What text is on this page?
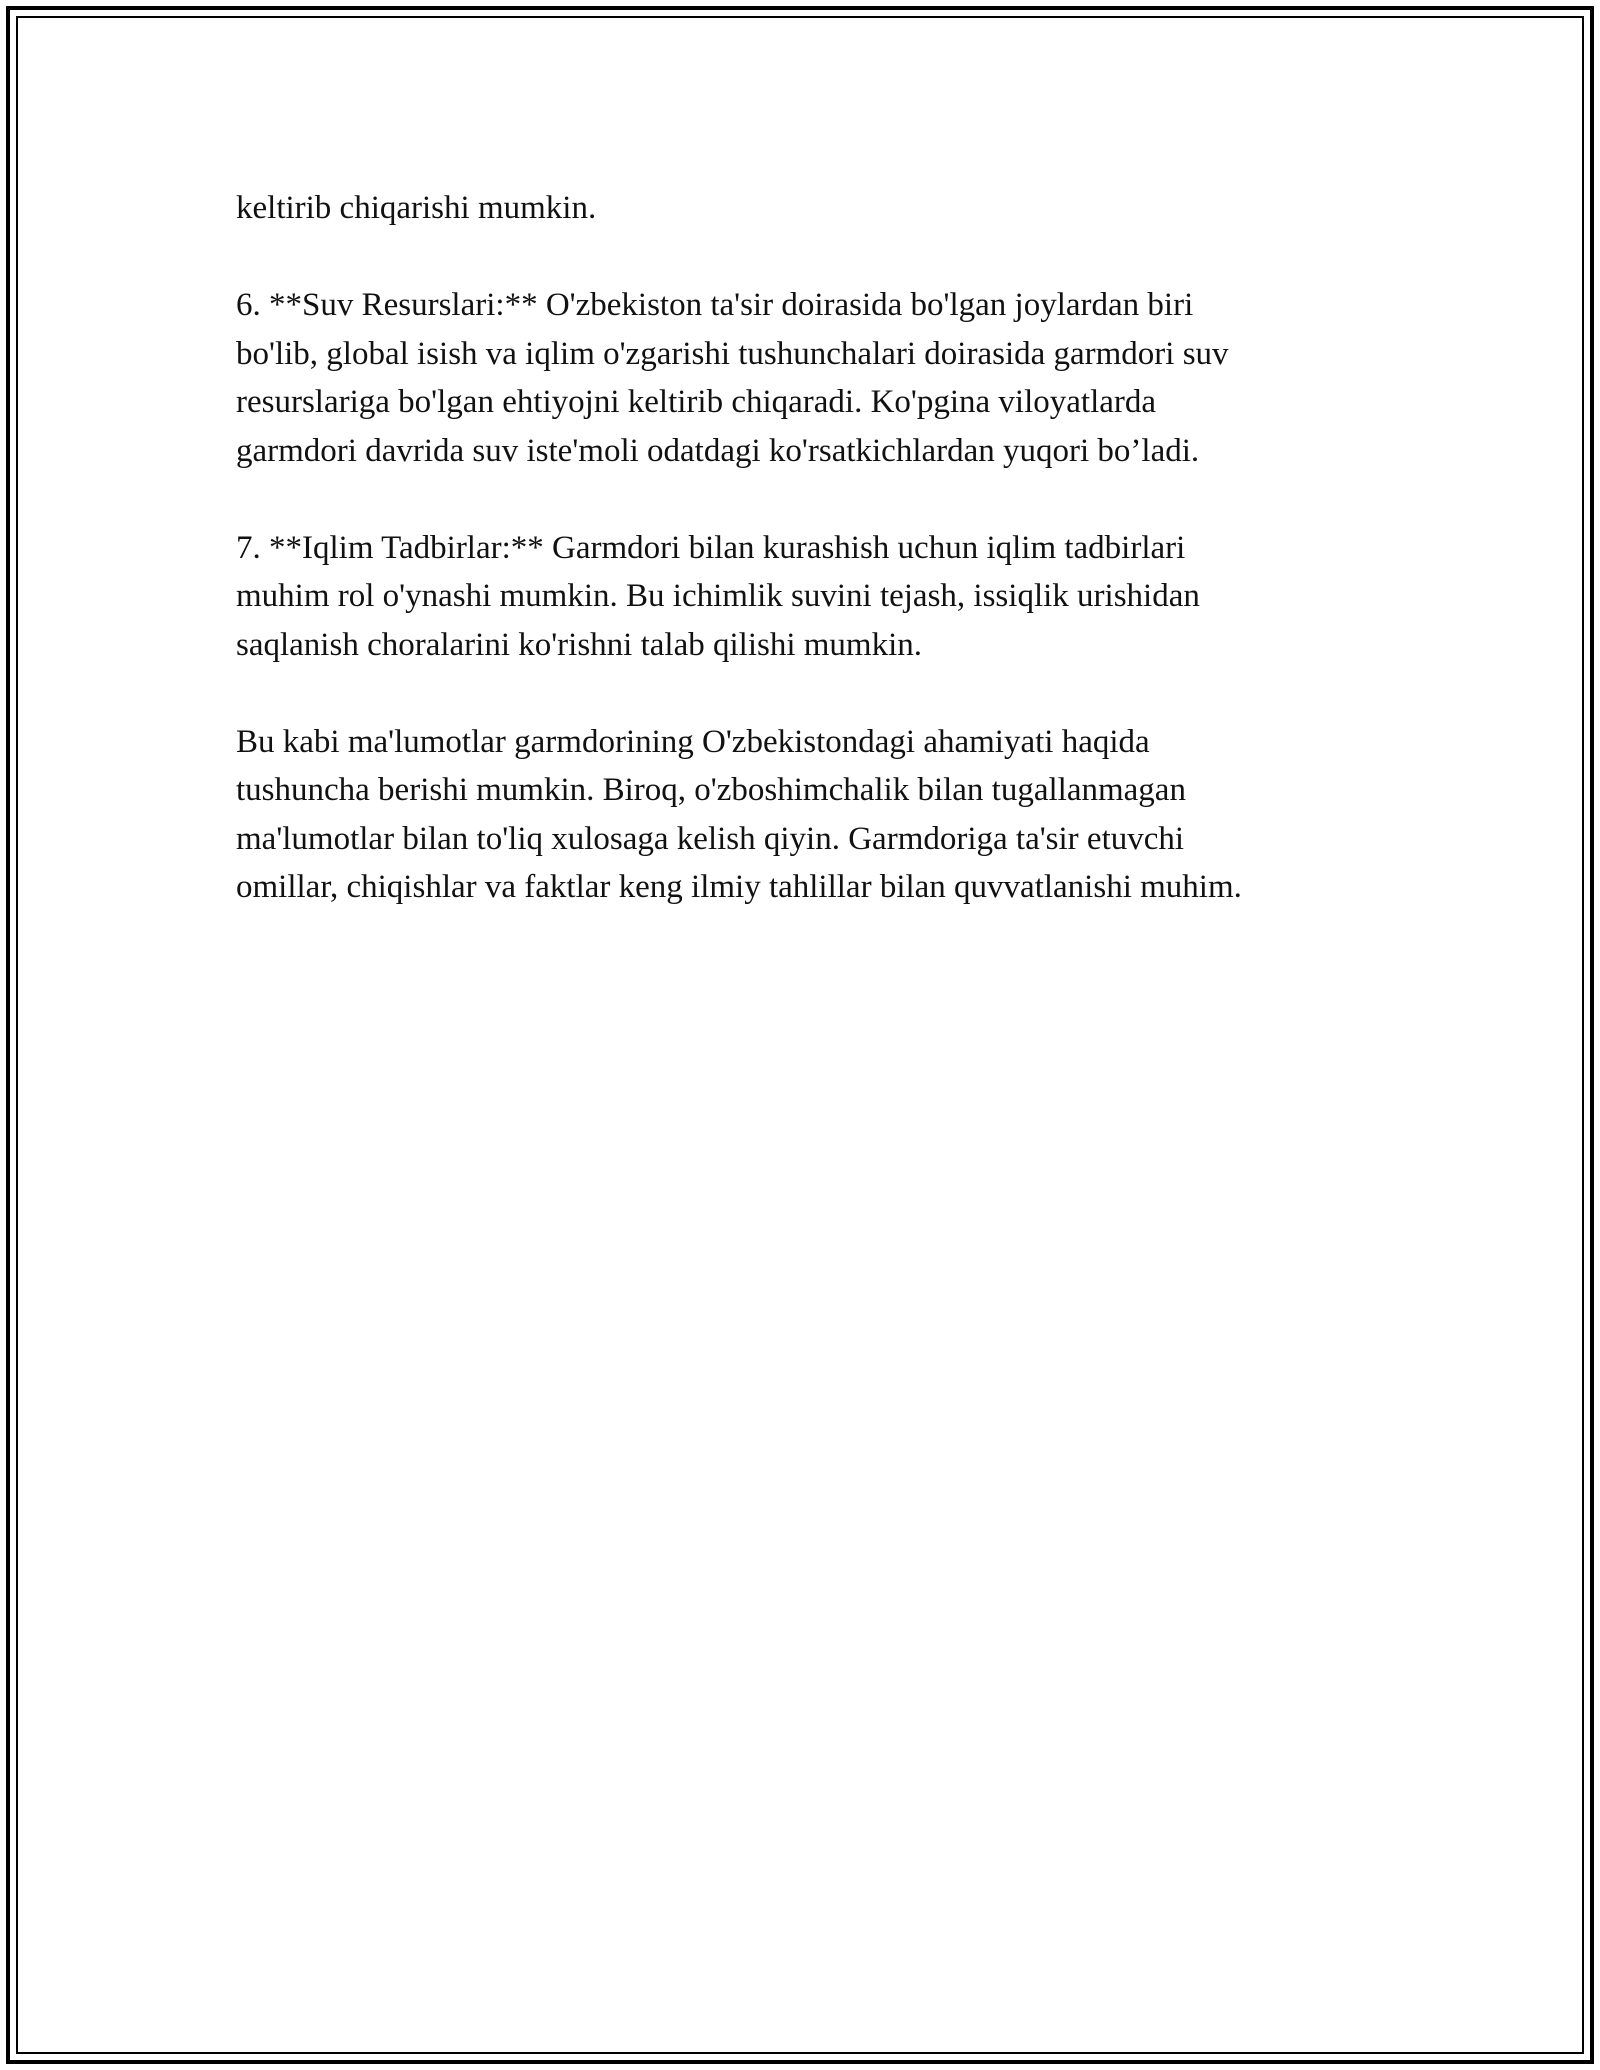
keltirib chiqarishi mumkin.

6. **Suv Resurslari:** O'zbekiston ta'sir doirasida bo'lgan joylardan biri
bo'lib, global isish va iqlim o'zgarishi tushunchalari doirasida garmdori suv
resurslariga bo'lgan ehtiyojni keltirib chiqaradi. Ko'pgina viloyatlarda
garmdori davrida suv iste'moli odatdagi ko'rsatkichlardan yuqori bo’ladi.

7. **Iqlim Tadbirlar:** Garmdori bilan kurashish uchun iqlim tadbirlari
muhim rol o'ynashi mumkin. Bu ichimlik suvini tejash, issiqlik urishidan
saqlanish choralarini ko'rishni talab qilishi mumkin.

Bu kabi ma'lumotlar garmdorining O'zbekistondagi ahamiyati haqida
tushuncha berishi mumkin. Biroq, o'zboshimchalik bilan tugallanmagan
ma'lumotlar bilan to'liq xulosaga kelish qiyin. Garmdoriga ta'sir etuvchi
omillar, chiqishlar va faktlar keng ilmiy tahlillar bilan quvvatlanishi muhim.
